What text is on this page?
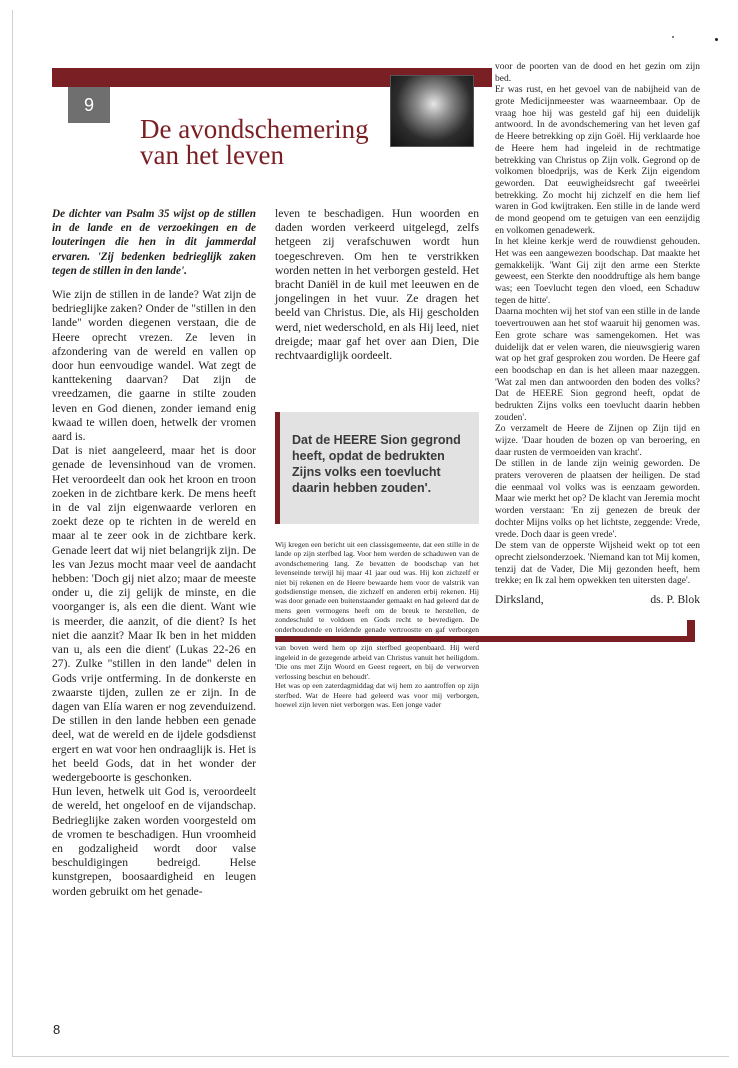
9
De avondschemering
van het leven

De dichter van Psalm 35 wijst op de stillen in de lande en de verzoekingen en de louteringen die hen in dit jammerdal ervaren. 'Zij bedenken bedrieglijk zaken tegen de stillen in den lande'.

Wie zijn de stillen in de lande? Wat zijn de bedrieglijke zaken? Onder de "stillen in den lande" worden diegenen verstaan, die de Heere oprecht vrezen. Ze leven in afzondering van de wereld en vallen op door hun eenvoudige wandel. Wat zegt de kanttekening daarvan? Dat zijn de vreedzamen, die gaarne in stilte zouden leven en God dienen, zonder iemand enig kwaad te willen doen, hetwelk der vromen aard is.

Dat is niet aangeleerd, maar het is door genade de levensinhoud van de vromen. Het veroordeelt dan ook het kroon en troon zoeken in de zichtbare kerk. De mens heeft in de val zijn eigenwaarde verloren en zoekt deze op te richten in de wereld en maar al te zeer ook in de zichtbare kerk. Genade leert dat wij niet belangrijk zijn. De les van Jezus mocht maar veel de aandacht hebben: 'Doch gij niet alzo; maar de meeste onder u, die zij gelijk de minste, en die voorganger is, als een die dient. Want wie is meerder, die aanzit, of die dient? Is het niet die aanzit? Maar Ik ben in het midden van u, als een die dient' (Lukas 22-26 en 27). Zulke "stillen in den lande" delen in Gods vrije ontferming. In de donkerste en zwaarste tijden, zullen ze er zijn. In de dagen van Elía waren er nog zevenduizend. De stillen in den lande hebben een genade deel, wat de wereld en de ijdele godsdienst ergert en wat voor hen ondraaglijk is. Het is het beeld Gods, dat in het wonder der wedergeboorte is geschonken.

Hun leven, hetwelk uit God is, veroordeelt de wereld, het ongeloof en de vijandschap. Bedrieglijke zaken worden voorgesteld om de vromen te beschadigen. Hun vroomheid en godzaligheid wordt door valse beschuldigingen bedreigd. Helse kunstgrepen, boosaardigheid en leugen worden gebruikt om het genade-

leven te beschadigen. Hun woorden en daden worden verkeerd uitgelegd, zelfs hetgeen zij verafschuwen wordt hun toegeschreven. Om hen te verstrikken worden netten in het verborgen gesteld. Het bracht Daniël in de kuil met leeuwen en de jongelingen in het vuur. Ze dragen het beeld van Christus. Die, als Hij gescholden werd, niet wederschold, en als Hij leed, niet dreigde; maar gaf het over aan Dien, Die rechtvaardiglijk oordeelt.

Dat de HEERE Sion gegrond heeft, opdat de bedrukten Zijns volks een toevlucht daarin hebben zouden'.

Wij kregen een bericht uit een classisgemeente, dat een stille in de lande op zijn sterfbed lag. Voor hem werden de schaduwen van de avondschemering lang. Ze bevatten de boodschap van het levenseinde terwijl hij maar 41 jaar oud was. Hij kon zichzelf er niet bij rekenen en de Heere bewaarde hem voor de valstrik van godsdienstige mensen, die zichzelf en anderen erbij rekenen. Hij was door genade een buitenstaander gemaakt en had geleerd dat de mens geen vermogens heeft om de breuk te herstellen, de zondeschuld te voldoen en Gods recht te bevredigen. De onderhoudende en leidende genade vertroostte en gaf verborgen van boven werd hem op zijn sterfbed geopenbaard. Hij werd ingeleid in de gezegende arbeid van Christus vanuit het heiligdom. 'Die ons met Zijn Woord en Geest regeert, en bij de verworven verlossing beschut en behoudt'.

Het was op een zaterdagmiddag dat wij hem zo aantroffen op zijn sterfbed. Wat de Heere had geleerd was voor mij verborgen, hoewel zijn leven niet verborgen was. Een jonge vader

voor de poorten van de dood en het gezin om zijn bed.

Er was rust, en het gevoel van de nabijheid van de grote Medicijnmeester was waarneembaar. Op de vraag hoe hij was gesteld gaf hij een duidelijk antwoord. In de avondschemering van het leven gaf de Heere betrekking op zijn Goël. Hij verklaarde hoe de Heere hem had ingeleid in de rechtmatige betrekking van Christus op Zijn volk. Gegrond op de volkomen bloedprijs, was de Kerk Zijn eigendom geworden. Dat eeuwigheidsrecht gaf tweeërlei betrekking. Zo mocht hij zichzelf en die hem lief waren in God kwijtraken. Een stille in de lande werd de mond geopend om te getuigen van een eenzijdig en volkomen genadewerk.

In het kleine kerkje werd de rouwdienst gehouden. Het was een aangewezen boodschap. Dat maakte het gemakkelijk. 'Want Gij zijt den arme een Sterkte geweest, een Sterkte den nooddruftige als hem bange was; een Toevlucht tegen den vloed, een Schaduw tegen de hitte'.

Daarna mochten wij het stof van een stille in de lande toevertrouwen aan het stof waaruit hij genomen was. Een grote schare was samengekomen. Het was duidelijk dat er velen waren, die nieuwsgierig waren wat op het graf gesproken zou worden. De Heere gaf een boodschap en dan is het alleen maar nazeggen. 'Wat zal men dan antwoorden den boden des volks? Dat de HEERE Sion gegrond heeft, opdat de bedrukten Zijns volks een toevlucht daarin hebben zouden'.

Zo verzamelt de Heere de Zijnen op Zijn tijd en wijze. 'Daar houden de bozen op van beroering, en daar rusten de vermoeiden van kracht'.

De stillen in de lande zijn weinig geworden. De praters veroveren de plaatsen der heiligen. De stad die eenmaal vol volks was is eenzaam geworden. Maar wie merkt het op? De klacht van Jeremia mocht worden verstaan: 'En zij genezen de breuk der dochter Mijns volks op het lichtste, zeggende: Vrede, vrede. Doch daar is geen vrede'.

De stem van de opperste Wijsheid wekt op tot een oprecht zielsonderzoek. 'Niemand kan tot Mij komen, tenzij dat de Vader, Die Mij gezonden heeft, hem trekke; en Ik zal hem opwekken ten uitersten dage'.

Dirksland,	ds. P. Blok
8
